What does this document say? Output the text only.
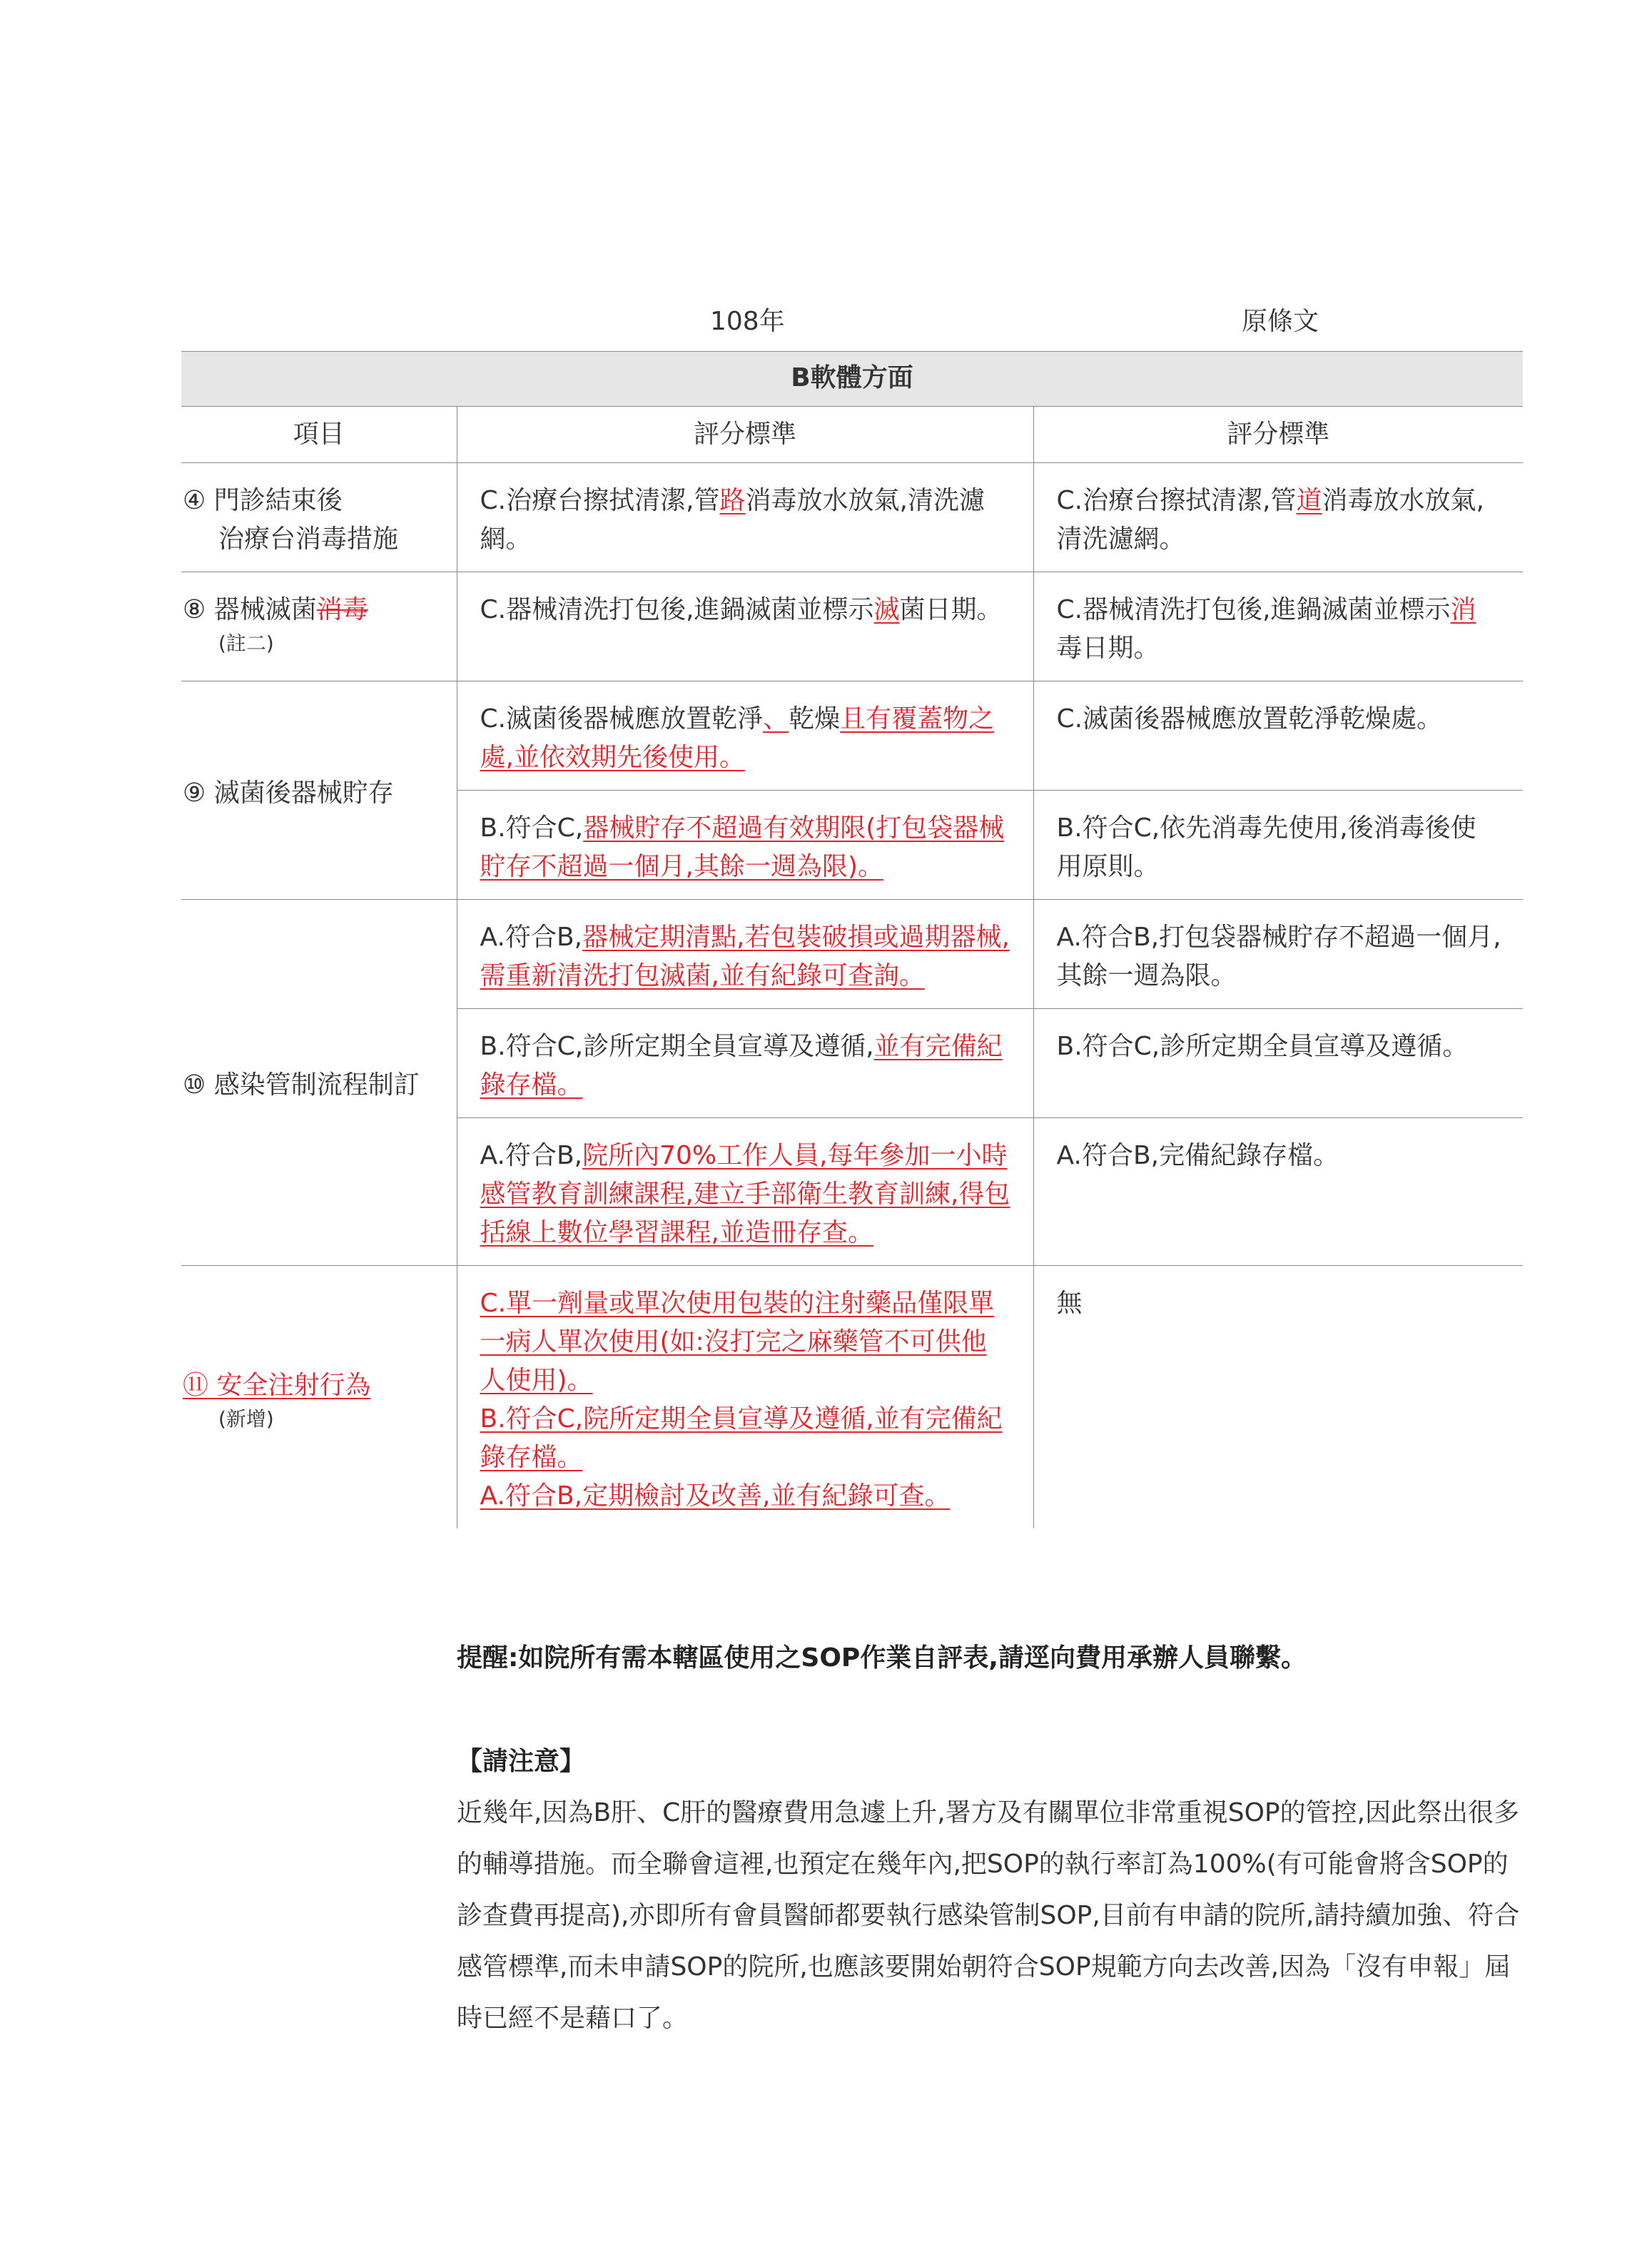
108年	原條文
B軟體方面		
項目	評分標準	評分標準

④ 門診結束後
治療台消毒措施	C.治療台擦拭清潔,管路消毒放水放氣,清洗濾網。	C.治療台擦拭清潔,管道消毒放水放氣,清洗濾網。

⑧ 器械滅菌消毒
(註二)	C.器械清洗打包後,進鍋滅菌並標示滅菌日期。	C.器械清洗打包後,進鍋滅菌並標示消毒日期。
⑨ 滅菌後器械貯存	C.滅菌後器械應放置乾淨、乾燥且有覆蓋物之處,並依效期先後使用。	C.滅菌後器械應放置乾淨乾燥處。
	B.符合C,器械貯存不超過有效期限(打包袋器械貯存不超過一個月,其餘一週為限)。	B.符合C,依先消毒先使用,後消毒後使用原則。
⑩ 感染管制流程制訂	A.符合B,器械定期清點,若包裝破損或過期器械,需重新清洗打包滅菌,並有紀錄可查詢。	A.符合B,打包袋器械貯存不超過一個月,其餘一週為限。
	B.符合C,診所定期全員宣導及遵循,並有完備紀錄存檔。	B.符合C,診所定期全員宣導及遵循。
	A.符合B,院所內70%工作人員,每年參加一小時感管教育訓練課程,建立手部衛生教育訓練,得包括線上數位學習課程,並造冊存查。	A.符合B,完備紀錄存檔。

⑪ 安全注射行為
(新增)	C.單一劑量或單次使用包裝的注射藥品僅限單一病人單次使用(如:沒打完之麻藥管不可供他人使用)。
B.符合C,院所定期全員宣導及遵循,並有完備紀錄存檔。
A.符合B,定期檢討及改善,並有紀錄可查。	無
提醒:如院所有需本轄區使用之SOP作業自評表,請逕向費用承辦人員聯繫。
【請注意】

近幾年,因為B肝、C肝的醫療費用急遽上升,署方及有關單位非常重視SOP的管控,因此祭出很多的輔導措施。而全聯會這裡,也預定在幾年內,把SOP的執行率訂為100%(有可能會將含SOP的診查費再提高),亦即所有會員醫師都要執行感染管制SOP,目前有申請的院所,請持續加強、符合感管標準,而未申請SOP的院所,也應該要開始朝符合SOP規範方向去改善,因為「沒有申報」屆時已經不是藉口了。
